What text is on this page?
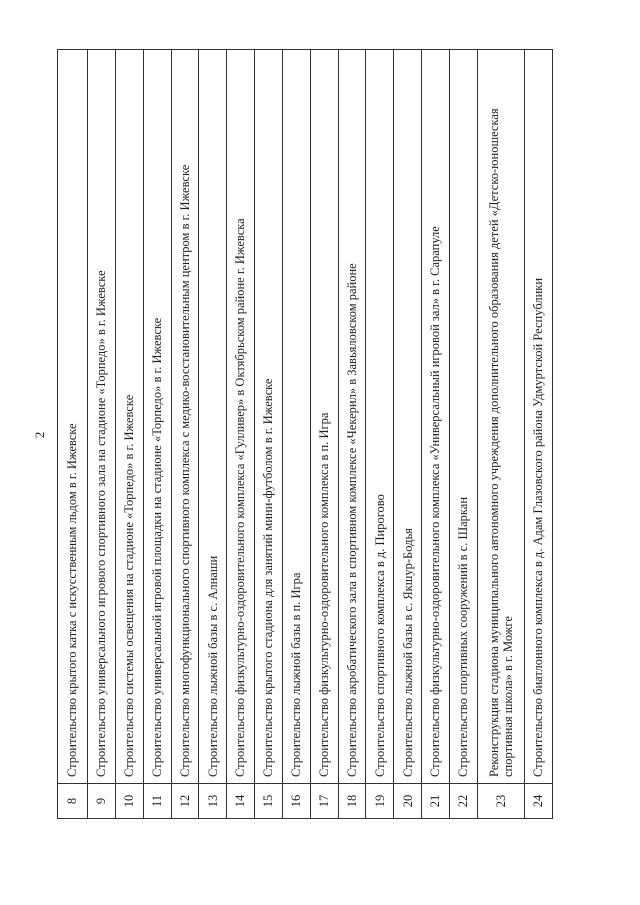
2
8	Строительство крытого катка с искусственным льдом в г. Ижевске
9	Строительство универсального игрового спортивного зала на стадионе «Торпедо» в г. Ижевске
10	Строительство системы освещения на стадионе «Торпедо» в г. Ижевске
11	Строительство универсальной игровой площадки на стадионе «Торпедо» в г. Ижевске
12	Строительство многофункционального спортивного комплекса с медико-восстановительным центром в г. Ижевске
13	Строительство лыжной базы в с. Алнаши
14	Строительство физкультурно-оздоровительного комплекса «Гулливер» в Октябрьском районе г. Ижевска
15	Строительство крытого стадиона для занятий мини-футболом в г. Ижевске
16	Строительство лыжной базы в п. Игра
17	Строительство физкультурно-оздоровительного комплекса в п. Игра
18	Строительство акробатического зала в спортивном комплексе «Чекерил» в Завьяловском районе
19	Строительство спортивного комплекса в д. Пирогово
20	Строительство лыжной базы в с. Якшур-Бодья
21	Строительство физкультурно-оздоровительного комплекса «Универсальный игровой зал» в г. Сарапуле
22	Строительство спортивных сооружений в с. Шаркан
23	Реконструкция стадиона муниципального автономного учреждения дополнительного образования детей «Детско-юношеская спортивная школа» в г. Можге
24	Строительство биатлонного комплекса в д. Адам Глазовского района Удмуртской Республики
